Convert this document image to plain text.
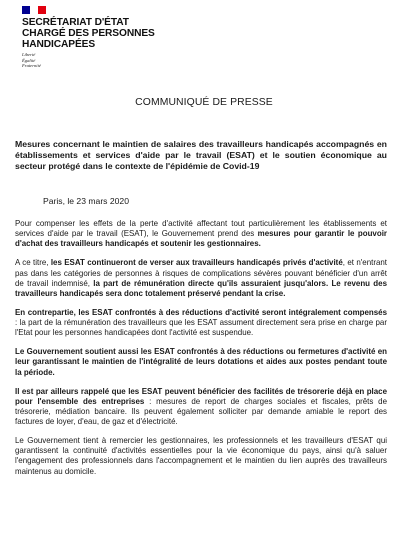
SECRÉTARIAT D'ÉTAT
CHARGÉ DES PERSONNES
HANDICAPÉES
Liberté
Égalité
Fraternité
COMMUNIQUÉ DE PRESSE
Mesures concernant le maintien de salaires des travailleurs handicapés accompagnés en établissements et services d'aide par le travail (ESAT) et le soutien économique au secteur protégé dans le contexte de l'épidémie de Covid-19
Paris, le 23 mars 2020

Pour compenser les effets de la perte d'activité affectant tout particulièrement les établissements et services d'aide par le travail (ESAT), le Gouvernement prend des mesures pour garantir le pouvoir d'achat des travailleurs handicapés et soutenir les gestionnaires.

A ce titre, les ESAT continueront de verser aux travailleurs handicapés privés d'activité, et n'entrant pas dans les catégories de personnes à risques de complications sévères pouvant bénéficier d'un arrêt de travail indemnisé, la part de rémunération directe qu'ils assuraient jusqu'alors. Le revenu des travailleurs handicapés sera donc totalement préservé pendant la crise.

En contrepartie, les ESAT confrontés à des réductions d'activité seront intégralement compensés : la part de la rémunération des travailleurs que les ESAT assument directement sera prise en charge par l'Etat pour les personnes handicapées dont l'activité est suspendue.

Le Gouvernement soutient aussi les ESAT confrontés à des réductions ou fermetures d'activité en leur garantissant le maintien de l'intégralité de leurs dotations et aides aux postes pendant toute la période.

Il est par ailleurs rappelé que les ESAT peuvent bénéficier des facilités de trésorerie déjà en place pour l'ensemble des entreprises : mesures de report de charges sociales et fiscales, prêts de trésorerie, médiation bancaire. Ils peuvent également solliciter par demande amiable le report des factures de loyer, d'eau, de gaz et d'électricité.

Le Gouvernement tient à remercier les gestionnaires, les professionnels et les travailleurs d'ESAT qui garantissent la continuité d'activités essentielles pour la vie économique du pays, ainsi qu'à saluer l'engagement des professionnels dans l'accompagnement et le maintien du lien auprès des travailleurs maintenus au domicile.
